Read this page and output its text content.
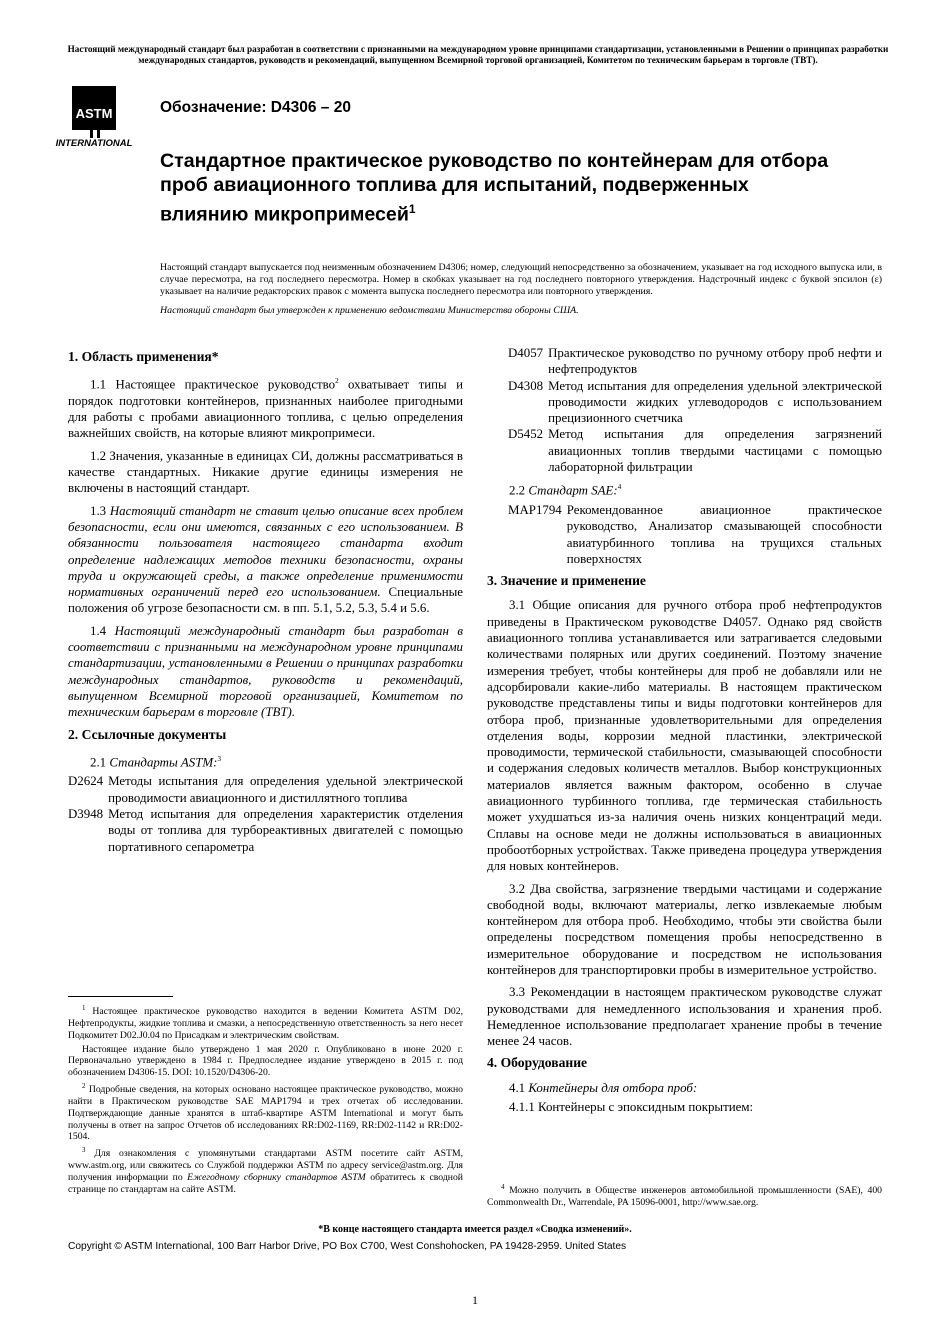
Настоящий международный стандарт был разработан в соответствии с признанными на международном уровне принципами стандартизации, установленными в Решении о принципах разработки международных стандартов, руководств и рекомендаций, выпущенном Всемирной торговой организацией, Комитетом по техническим барьерам в торговле (TBT).
ASTM
INTERNATIONAL
Обозначение: D4306 – 20
Стандартное практическое руководство по контейнерам для отбора проб авиационного топлива для испытаний, подверженных влиянию микропримесей$^1$

Настоящий стандарт выпускается под неизменным обозначением D4306; номер, следующий непосредственно за обозначением, указывает на год исходного выпуска или, в случае пересмотра, на год последнего пересмотра. Номер в скобках указывает на год последнего повторного утверждения. Надстрочный индекс с буквой эпсилон (ε) указывает на наличие редакторских правок с момента выпуска последнего пересмотра или повторного утверждения.

Настоящий стандарт был утвержден к применению ведомствами Министерства обороны США.

1. Область применения*

1.1 Настоящее практическое руководство$^2$ охватывает типы и порядок подготовки контейнеров, признанных наиболее пригодными для работы с пробами авиационного топлива, с целью определения важнейших свойств, на которые влияют микропримеси.

1.2 Значения, указанные в единицах СИ, должны рассматриваться в качестве стандартных. Никакие другие единицы измерения не включены в настоящий стандарт.

1.3 Настоящий стандарт не ставит целью описание всех проблем безопасности, если они имеются, связанных с его использованием. В обязанности пользователя настоящего стандарта входит определение надлежащих методов техники безопасности, охраны труда и окружающей среды, а также определение применимости нормативных ограничений перед его использованием. Специальные положения об угрозе безопасности см. в пп. 5.1, 5.2, 5.3, 5.4 и 5.6.

1.4 Настоящий международный стандарт был разработан в соответствии с признанными на международном уровне принципами стандартизации, установленными в Решении о принципах разработки международных стандартов, руководств и рекомендаций, выпущенном Всемирной торговой организацией, Комитетом по техническим барьерам в торговле (TBT).

2. Ссылочные документы

2.1 Стандарты ASTM:$^3$

D2624 Методы испытания для определения удельной электрической проводимости авиационного и дистиллятного топлива
D3948 Метод испытания для определения характеристик отделения воды от топлива для турбореактивных двигателей с помощью портативного сепарометра

$^1$ Настоящее практическое руководство находится в ведении Комитета ASTM D02, Нефтепродукты, жидкие топлива и смазки, а непосредственную ответственность за него несет Подкомитет D02.J0.04 по Присадкам и электрическим свойствам.

Настоящее издание было утверждено 1 мая 2020 г. Опубликовано в июне 2020 г. Первоначально утверждено в 1984 г. Предпоследнее издание утверждено в 2015 г. под обозначением D4306-15. DOI: 10.1520/D4306-20.

$^2$ Подробные сведения, на которых основано настоящее практическое руководство, можно найти в Практическом руководстве SAE MAP1794 и трех отчетах об исследовании. Подтверждающие данные хранятся в штаб-квартире ASTM International и могут быть получены в ответ на запрос Отчетов об исследованиях RR:D02-1169, RR:D02-1142 и RR:D02-1504.

$^3$ Для ознакомления с упомянутыми стандартами ASTM посетите сайт ASTM, www.astm.org, или свяжитесь со Службой поддержки ASTM по адресу service@astm.org. Для получения информации по Ежегодному сборнику стандартов ASTM обратитесь к сводной странице по стандартам на сайте ASTM.

D4057 Практическое руководство по ручному отбору проб нефти и нефтепродуктов
D4308 Метод испытания для определения удельной электрической проводимости жидких углеводородов с использованием прецизионного счетчика
D5452 Метод испытания для определения загрязнений авиационных топлив твердыми частицами с помощью лабораторной фильтрации

2.2 Стандарт SAE:$^4$

MAP1794 Рекомендованное авиационное практическое руководство, Анализатор смазывающей способности авиатурбинного топлива на трущихся стальных поверхностях

3. Значение и применение

3.1 Общие описания для ручного отбора проб нефтепродуктов приведены в Практическом руководстве D4057. Однако ряд свойств авиационного топлива устанавливается или затрагивается следовыми количествами полярных или других соединений. Поэтому значение измерения требует, чтобы контейнеры для проб не добавляли или не адсорбировали какие-либо материалы. В настоящем практическом руководстве представлены типы и виды подготовки контейнеров для отбора проб, признанные удовлетворительными для определения отделения воды, коррозии медной пластинки, электрической проводимости, термической стабильности, смазывающей способности и содержания следовых количеств металлов. Выбор конструкционных материалов является важным фактором, особенно в случае авиационного турбинного топлива, где термическая стабильность может ухудшаться из-за наличия очень низких концентраций меди. Сплавы на основе меди не должны использоваться в авиационных пробоотборных устройствах. Также приведена процедура утверждения для новых контейнеров.

3.2 Два свойства, загрязнение твердыми частицами и содержание свободной воды, включают материалы, легко извлекаемые любым контейнером для отбора проб. Необходимо, чтобы эти свойства были определены посредством помещения пробы непосредственно в измерительное оборудование и посредством не использования контейнеров для транспортировки пробы в измерительное устройство.

3.3 Рекомендации в настоящем практическом руководстве служат руководствами для немедленного использования и хранения проб. Немедленное использование предполагает хранение пробы в течение менее 24 часов.

4. Оборудование

4.1 Контейнеры для отбора проб:

4.1.1 Контейнеры с эпоксидным покрытием:

$^4$ Можно получить в Обществе инженеров автомобильной промышленности (SAE), 400 Commonwealth Dr., Warrendale, PA 15096-0001, http://www.sae.org.

*В конце настоящего стандарта имеется раздел «Сводка изменений».
Copyright © ASTM International, 100 Barr Harbor Drive, PO Box C700, West Conshohocken, PA 19428-2959. United States
1
